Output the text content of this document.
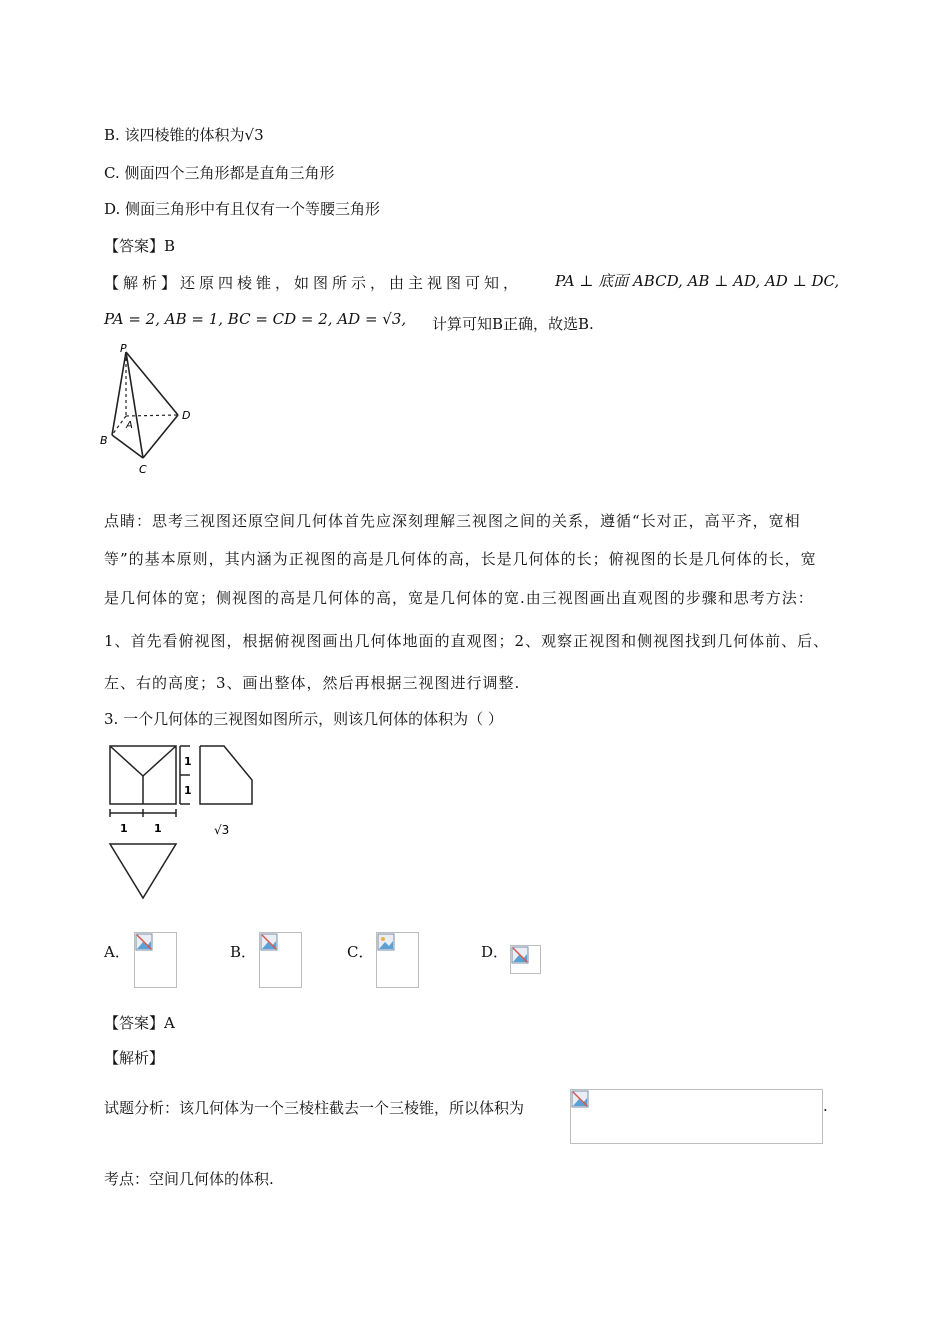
B. 该四棱锥的体积为√3
C. 侧面四个三角形都是直角三角形
D. 侧面三角形中有且仅有一个等腰三角形
【答案】B
【解析】还原四棱锥，如图所示，由主视图可知， PA ⊥ 底面 ABCD, AB ⊥ AD, AD ⊥ DC,
PA = 2, AB = 1, BC = CD = 2, AD = √3, 计算可知B正确，故选B.
P
A
B
C
D
点睛：思考三视图还原空间几何体首先应深刻理解三视图之间的关系，遵循“长对正，高平齐，宽相
等”的基本原则，其内涵为正视图的高是几何体的高，长是几何体的长；俯视图的长是几何体的长，宽
是几何体的宽；侧视图的高是几何体的高，宽是几何体的宽.由三视图画出直观图的步骤和思考方法：
1、首先看俯视图，根据俯视图画出几何体地面的直观图；2、观察正视图和侧视图找到几何体前、后、
左、右的高度；3、画出整体，然后再根据三视图进行调整.
3. 一个几何体的三视图如图所示，则该几何体的体积为（ ）
1
1
1 1	√3
A．	B．	C．	D．
【答案】A
【解析】
试题分析：该几何体为一个三棱柱截去一个三棱锥，所以体积为	.
考点：空间几何体的体积.
